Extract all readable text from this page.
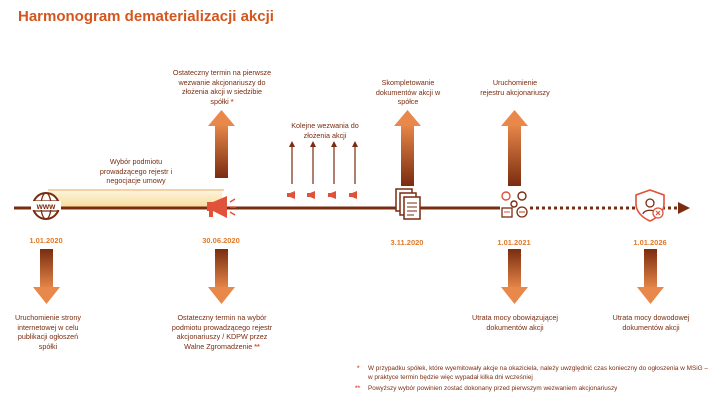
Harmonogram dematerializacji akcji
www
1.01.2020	30.06.2020	3.11.2020	1.01.2021	1.01.2026
Wybór podmiotu prowadzącego rejestr i negocjacje umowy
Ostateczny termin na pierwsze wezwanie akcjonariuszy do złożenia akcji w siedzibie spółki *
Kolejne wezwania do złożenia akcji
Skompletowanie dokumentów akcji w spółce
Uruchomienie rejestru akcjonariuszy
Uruchomienie strony internetowej w celu publikacji ogłoszeń spółki
Ostateczny termin na wybór podmiotu prowadzącego rejestr akcjonariuszy / KDPW przez Walne Zgromadzenie **
Utrata mocy obowiązującej dokumentów akcji
Utrata mocy dowodowej dokumentów akcji
*	W przypadku spółek, które wyemitowały akcje na okaziciela, należy uwzględnić czas konieczny do ogłoszenia w MSiG – w praktyce termin będzie więc wypadał kilka dni wcześniej
**	Powyższy wybór powinien zostać dokonany przed pierwszym wezwaniem akcjonariuszy
